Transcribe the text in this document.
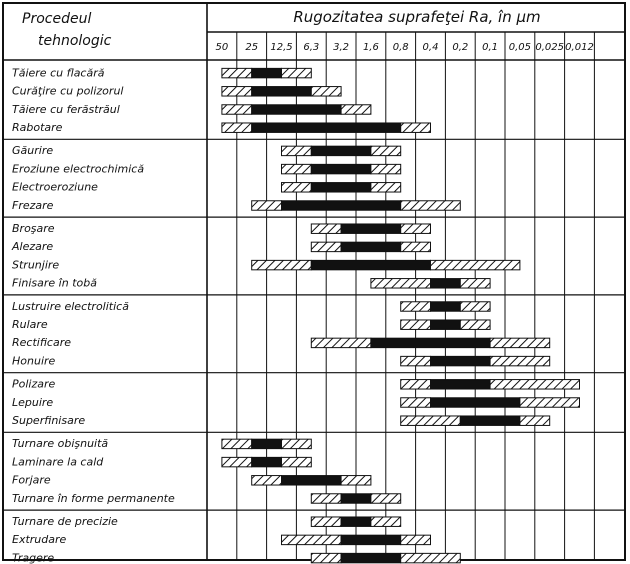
Procedeul
tehnologic
Rugozitatea suprafeţei Ra, în µm
50 25 12,5 6,3 3,2 1,6 0,8 0,4 0,2 0,1 0,05 0,025 0,012
Tăiere cu flacără
Curăţire cu polizorul
Tăiere cu ferăstrăul
Rabotare
Găurire
Eroziune electrochimică
Electroeroziune
Frezare
Broşare
Alezare
Strunjire
Finisare în tobă
Lustruire electrolitică
Rulare
Rectificare
Honuire
Polizare
Lepuire
Superfinisare
Turnare obişnuită
Laminare la cald
Forjare
Turnare în forme permanente
Turnare de precizie
Extrudare
Tragere
